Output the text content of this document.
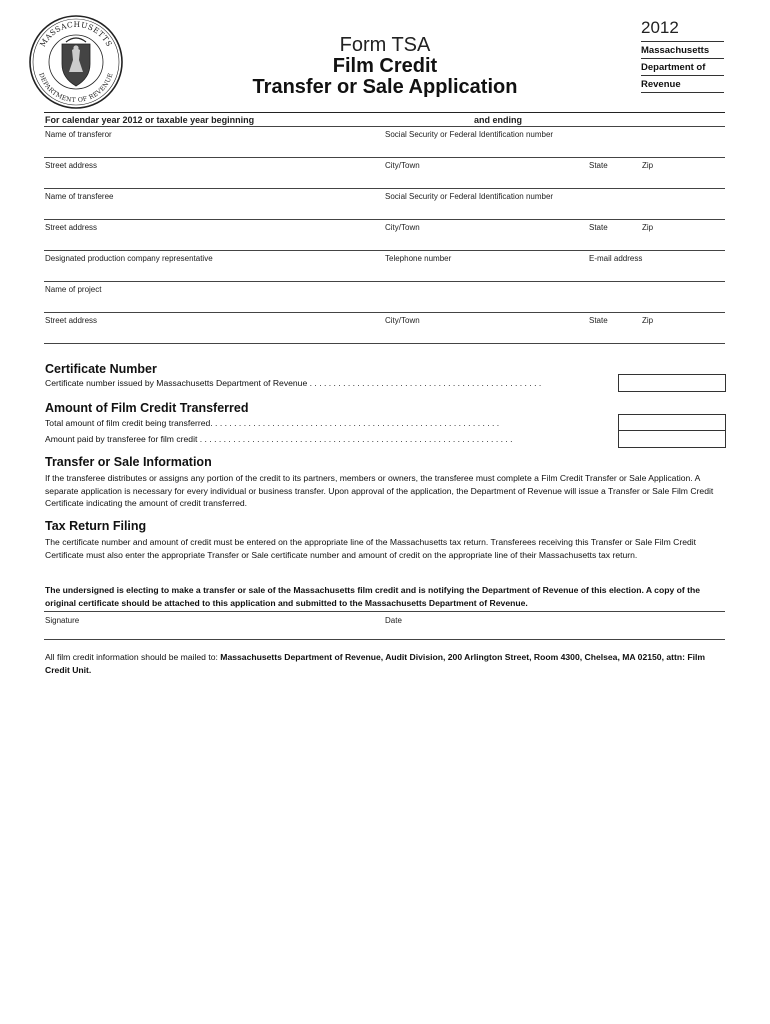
MASSACHUSETTS
DEPARTMENT OF REVENUE
Form TSA
Film Credit
Transfer or Sale Application
2012
Massachusetts
Department of
Revenue
For calendar year 2012 or taxable year beginning	and ending
Name of transferor	Social Security or Federal Identification number
Street address	City/Town	State	Zip
Name of transferee	Social Security or Federal Identification number
Street address	City/Town	State	Zip
Designated production company representative	Telephone number	E-mail address
Name of project
Street address	City/Town	State	Zip
Certificate Number
Certificate number issued by Massachusetts Department of Revenue . . . . . . . . . . . . . . . . . . . . . . . . . . . . . . . . . . . . . . . . . . . . . . . . .
Amount of Film Credit Transferred
Total amount of film credit being transferred. . . . . . . . . . . . . . . . . . . . . . . . . . . . . . . . . . . . . . . . . . . . . . . . . . . . . . . . . . . . .
Amount paid by transferee for film credit . . . . . . . . . . . . . . . . . . . . . . . . . . . . . . . . . . . . . . . . . . . . . . . . . . . . . . . . . . . . . . . . . .
Transfer or Sale Information
If the transferee distributes or assigns any portion of the credit to its partners, members or owners, the transferee must complete a Film Credit Transfer or Sale Application. A separate application is necessary for every individual or business transfer. Upon approval of the application, the Department of Revenue will issue a Transfer or Sale Film Credit Certificate indicating the amount of credit transferred.
Tax Return Filing
The certificate number and amount of credit must be entered on the appropriate line of the Massachusetts tax return. Transferees receiving this Transfer or Sale Film Credit Certificate must also enter the appropriate Transfer or Sale certificate number and amount of credit on the appropriate line of their Massachusetts tax return.
The undersigned is electing to make a transfer or sale of the Massachusetts film credit and is notifying the Department of Revenue of this election. A copy of the original certificate should be attached to this application and submitted to the Massachusetts Department of Revenue.
Signature	Date
All film credit information should be mailed to: Massachusetts Department of Revenue, Audit Division, 200 Arlington Street, Room 4300, Chelsea, MA 02150, attn: Film Credit Unit.
